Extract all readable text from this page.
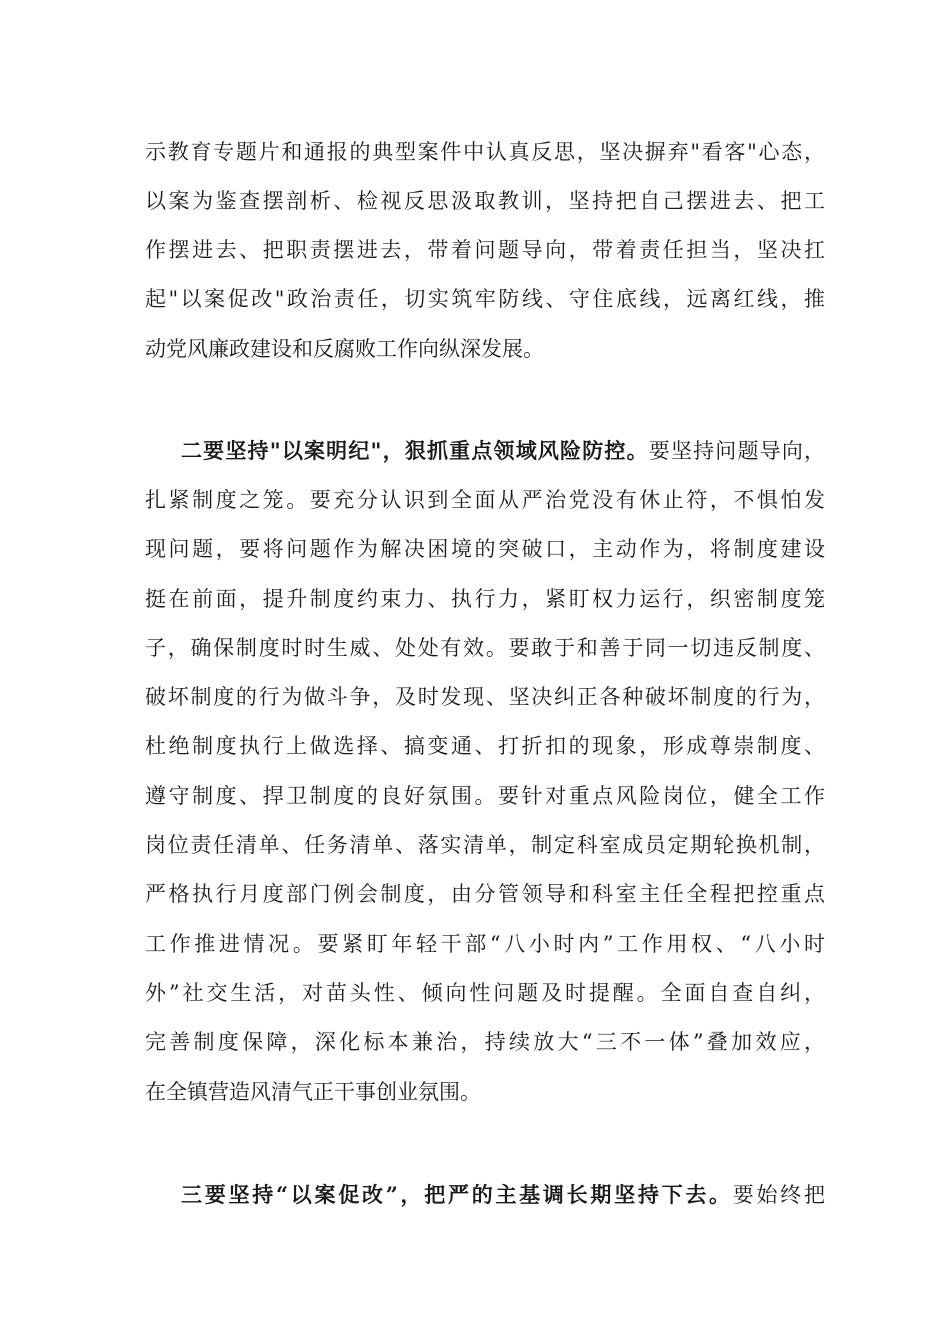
示教育专题片和通报的典型案件中认真反思，坚决摒弃"看客"心态，
以案为鉴查摆剖析、检视反思汲取教训，坚持把自己摆进去、把工
作摆进去、把职责摆进去，带着问题导向，带着责任担当，坚决扛
起"以案促改"政治责任，切实筑牢防线、守住底线，远离红线，推
动党风廉政建设和反腐败工作向纵深发展。
二要坚持"以案明纪"，狠抓重点领域风险防控。要坚持问题导向，
扎紧制度之笼。要充分认识到全面从严治党没有休止符，不惧怕发
现问题，要将问题作为解决困境的突破口，主动作为，将制度建设
挺在前面，提升制度约束力、执行力，紧盯权力运行，织密制度笼
子，确保制度时时生威、处处有效。要敢于和善于同一切违反制度、
破坏制度的行为做斗争，及时发现、坚决纠正各种破坏制度的行为，
杜绝制度执行上做选择、搞变通、打折扣的现象，形成尊崇制度、
遵守制度、捍卫制度的良好氛围。要针对重点风险岗位，健全工作
岗位责任清单、任务清单、落实清单，制定科室成员定期轮换机制，
严格执行月度部门例会制度，由分管领导和科室主任全程把控重点
工作推进情况。要紧盯年轻干部“八小时内”工作用权、“八小时
外”社交生活，对苗头性、倾向性问题及时提醒。全面自查自纠，
完善制度保障，深化标本兼治，持续放大“三不一体”叠加效应，
在全镇营造风清气正干事创业氛围。
三要坚持“以案促改”，把严的主基调长期坚持下去。要始终把
